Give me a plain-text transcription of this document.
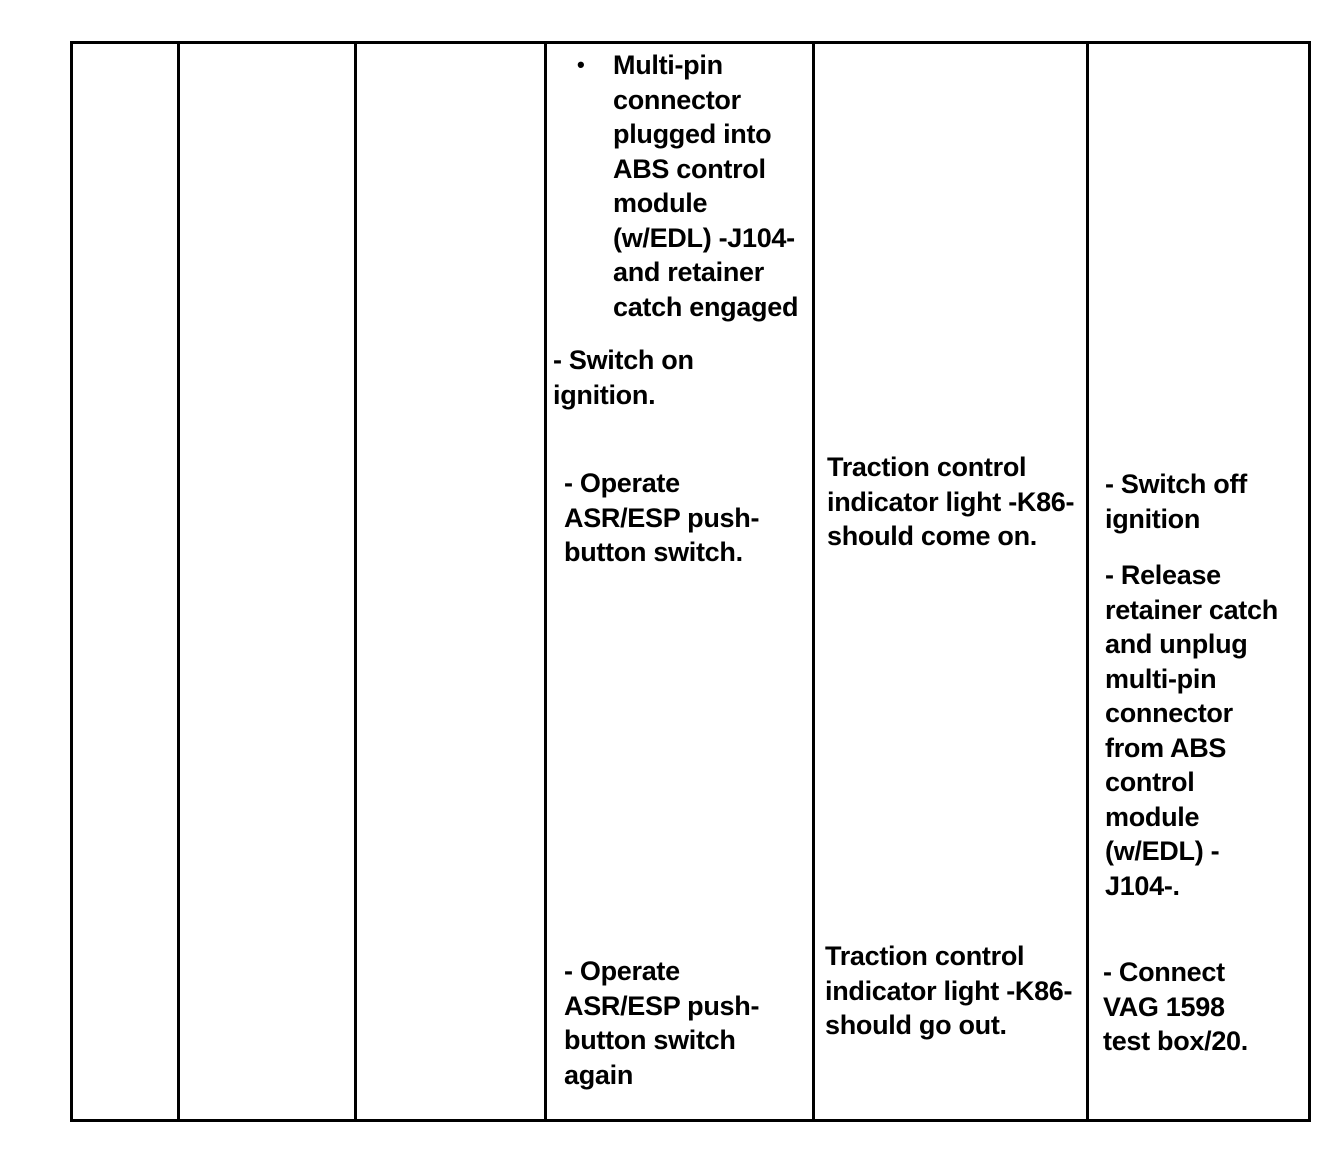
•	Multi-pin
connector
plugged into
ABS control
module
(w/EDL) -J104-
and retainer
catch engaged
- Switch on
ignition.
- Operate
ASR/ESP push-
button switch.
- Operate
ASR/ESP push-
button switch
again

Traction control
indicator light -K86-
should come on.
Traction control
indicator light -K86-
should go out.

- Switch off
ignition
- Release
retainer catch
and unplug
multi-pin
connector
from ABS
control
module
(w/EDL) -
J104-.
- Connect
VAG 1598
test box/20.
